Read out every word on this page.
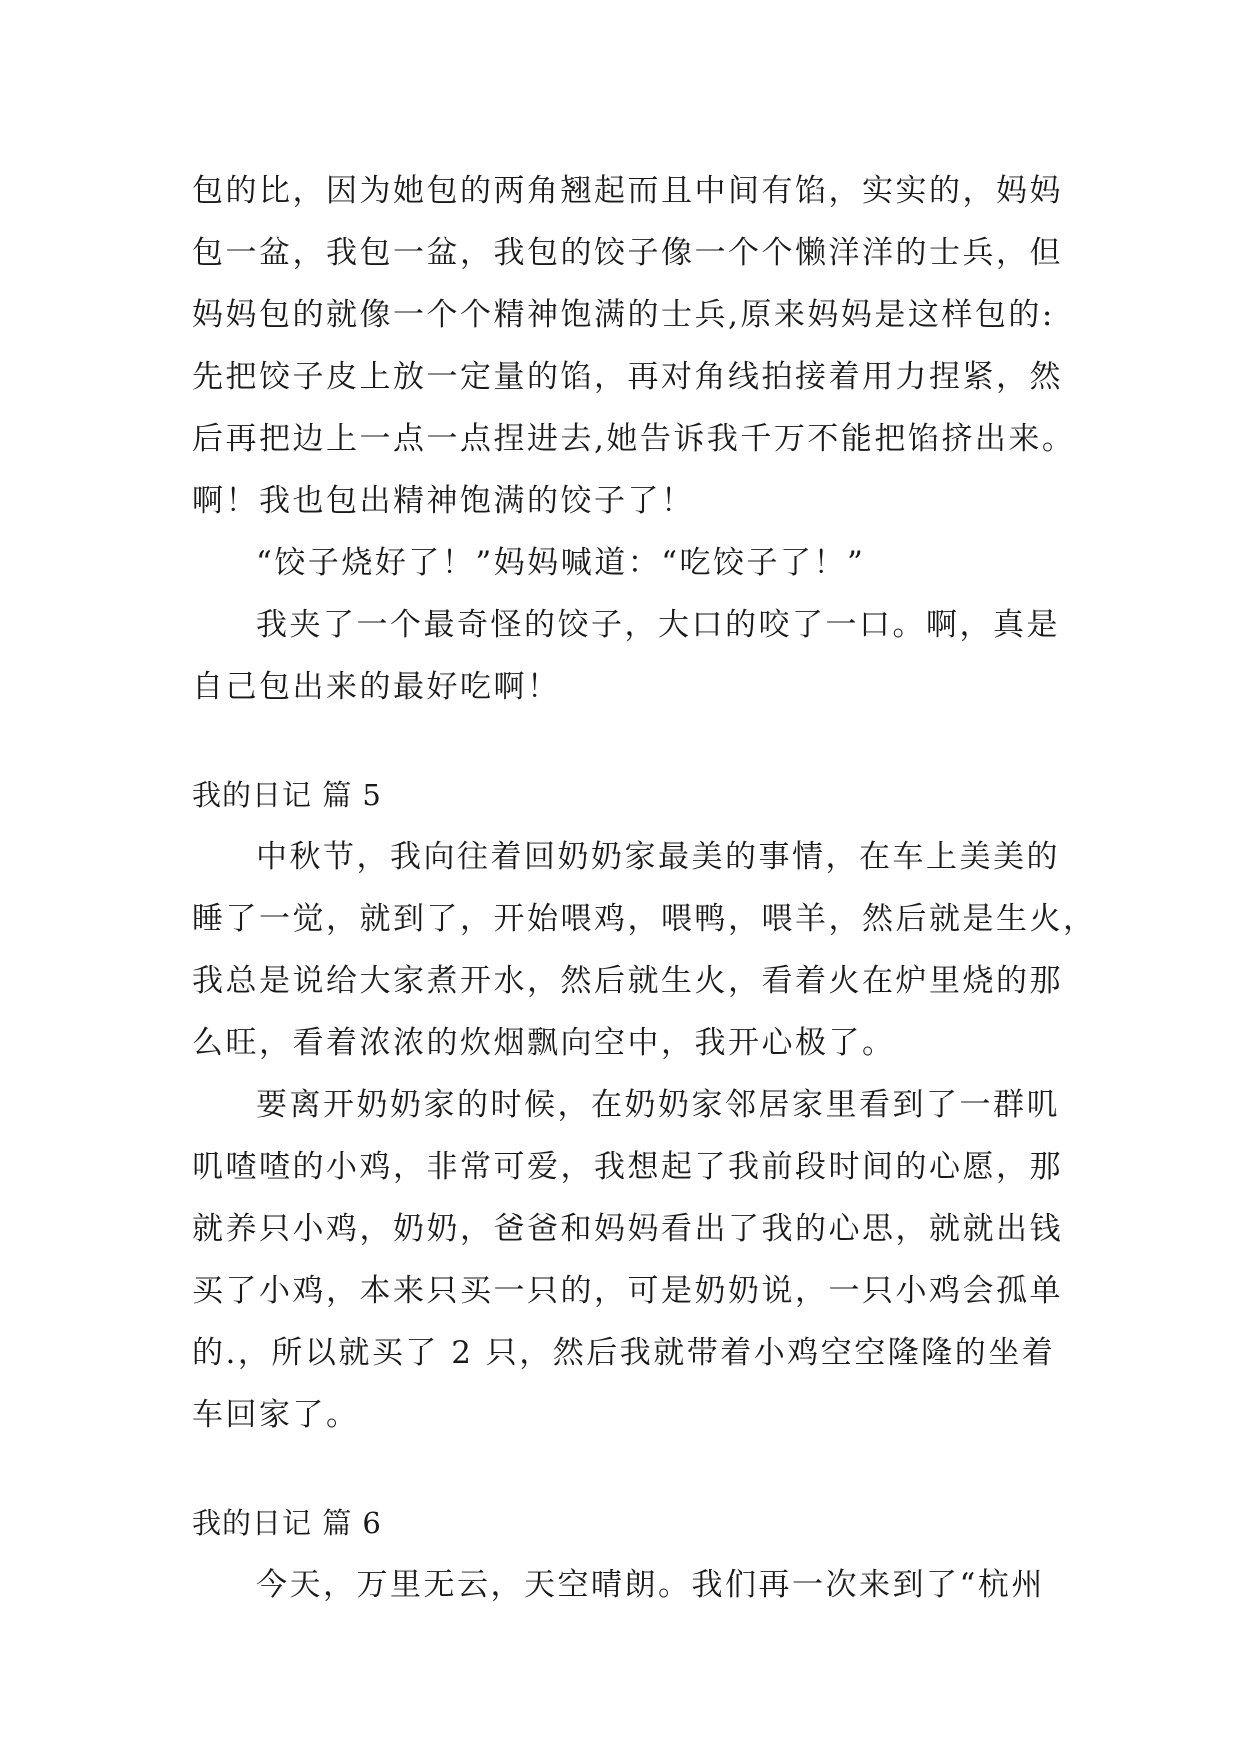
包的比，因为她包的两角翘起而且中间有馅，实实的，妈妈
包一盆，我包一盆，我包的饺子像一个个懒洋洋的士兵，但
妈妈包的就像一个个精神饱满的士兵,原来妈妈是这样包的:
先把饺子皮上放一定量的馅，再对角线拍接着用力捏紧，然
后再把边上一点一点捏进去,她告诉我千万不能把馅挤出来。
啊！我也包出精神饱满的饺子了！
“饺子烧好了！”妈妈喊道：“吃饺子了！”
我夹了一个最奇怪的饺子，大口的咬了一口。啊，真是
自己包出来的最好吃啊！
我的日记 篇 5
中秋节，我向往着回奶奶家最美的事情，在车上美美的
睡了一觉，就到了，开始喂鸡，喂鸭，喂羊，然后就是生火，
我总是说给大家煮开水，然后就生火，看着火在炉里烧的那
么旺，看着浓浓的炊烟飘向空中，我开心极了。
要离开奶奶家的时候，在奶奶家邻居家里看到了一群叽
叽喳喳的小鸡，非常可爱，我想起了我前段时间的心愿，那
就养只小鸡，奶奶，爸爸和妈妈看出了我的心思，就就出钱
买了小鸡，本来只买一只的，可是奶奶说，一只小鸡会孤单
的.，所以就买了 2 只，然后我就带着小鸡空空隆隆的坐着
车回家了。
我的日记 篇 6
今天，万里无云，天空晴朗。我们再一次来到了“杭州
